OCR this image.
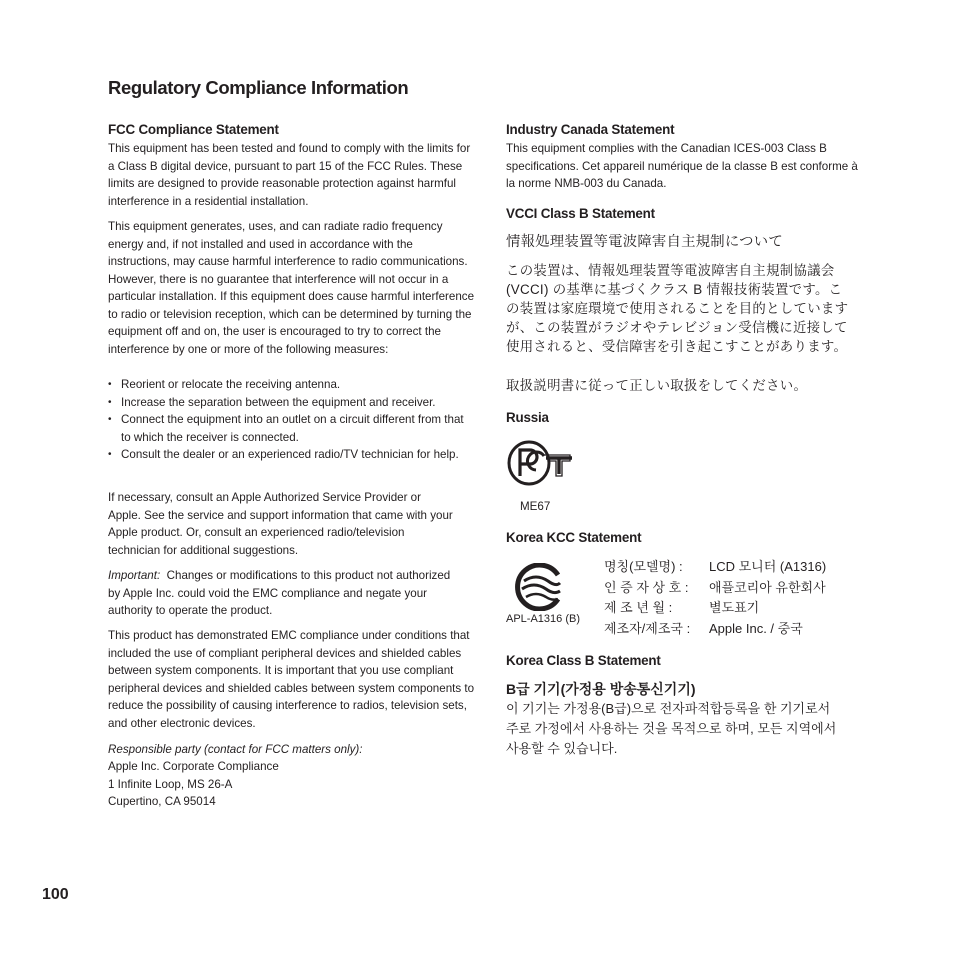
Regulatory Compliance Information
FCC Compliance Statement
This equipment has been tested and found to comply with the limits for a Class B digital device, pursuant to part 15 of the FCC Rules. These limits are designed to provide reasonable protection against harmful interference in a residential installation.
This equipment generates, uses, and can radiate radio frequency energy and, if not installed and used in accordance with the instructions, may cause harmful interference to radio communications. However, there is no guarantee that interference will not occur in a particular installation. If this equipment does cause harmful interference to radio or television reception, which can be determined by turning the equipment off and on, the user is encouraged to try to correct the interference by one or more of the following measures:
• Reorient or relocate the receiving antenna.
• Increase the separation between the equipment and receiver.
• Connect the equipment into an outlet on a circuit different from that to which the receiver is connected.
• Consult the dealer or an experienced radio/TV technician for help.
If necessary, consult an Apple Authorized Service Provider or Apple. See the service and support information that came with your Apple product. Or, consult an experienced radio/television technician for additional suggestions.
Important: Changes or modifications to this product not authorized by Apple Inc. could void the EMC compliance and negate your authority to operate the product.
This product has demonstrated EMC compliance under conditions that included the use of compliant peripheral devices and shielded cables between system components. It is important that you use compliant peripheral devices and shielded cables between system components to reduce the possibility of causing interference to radios, television sets, and other electronic devices.
Responsible party (contact for FCC matters only):
Apple Inc. Corporate Compliance
1 Infinite Loop, MS 26-A
Cupertino, CA 95014
Industry Canada Statement
This equipment complies with the Canadian ICES-003 Class B specifications. Cet appareil numérique de la classe B est conforme à la norme NMB-003 du Canada.
VCCI Class B Statement
情報処理装置等電波障害自主規制について
この装置は、情報処理装置等電波障害自主規制協議会 (VCCI) の基準に基づくクラス B 情報技術装置です。この装置は家庭環境で使用されることを目的としていますが、この装置がラジオやテレビジョン受信機に近接して使用されると、受信障害を引き起こすことがあります。
取扱説明書に従って正しい取扱をしてください。
Russia
ME67
Korea KCC Statement
APL-A1316 (B)
명칭(모델명) : LCD 모니터 (A1316)
인 증 자 상 호 : 애플코리아 유한회사
제 조 년 월 :	별도표기
제조자/제조국 : Apple Inc. / 중국
Korea Class B Statement
B급 기기(가정용 방송통신기기)
이 기기는 가정용(B급)으로 전자파적합등록을 한 기기로서 주로 가정에서 사용하는 것을 목적으로 하며, 모든 지역에서 사용할 수 있습니다.
100
